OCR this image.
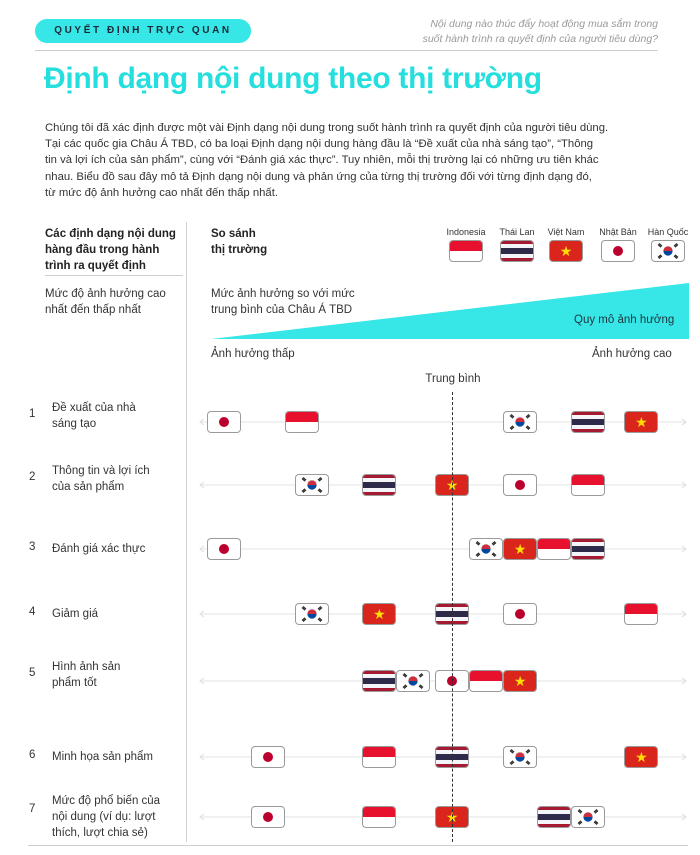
QUYẾT ĐỊNH TRỰC QUAN
Nội dung nào thúc đẩy hoạt động mua sắm trong
suốt hành trình ra quyết định của người tiêu dùng?
Định dạng nội dung theo thị trường
Chúng tôi đã xác định được một vài Định dạng nội dung trong suốt hành trình ra quyết định của người tiêu dùng.
Tại các quốc gia Châu Á TBD, có ba loại Định dạng nội dung hàng đầu là “Đề xuất của nhà sáng tạo”, “Thông
tin và lợi ích của sản phẩm”, cùng với “Đánh giá xác thực”. Tuy nhiên, mỗi thị trường lại có những ưu tiên khác
nhau. Biểu đồ sau đây mô tả Định dạng nội dung và phản ứng của từng thị trường đối với từng định dạng đó,
từ mức độ ảnh hưởng cao nhất đến thấp nhất.
Các định dạng nội dung
hàng đầu trong hành
trình ra quyết định
Mức độ ảnh hưởng cao
nhất đến thấp nhất
So sánh
thị trường
Indonesia	Thái Lan	Việt Nam
★
Nhật Bản	Hàn Quốc
Mức ảnh hưởng so với mức
trung bình của Châu Á TBD
Quy mô ảnh hưởng
Ảnh hưởng thấp	Ảnh hưởng cao
Trung bình
1 Đề xuất của nhà
sáng tạo	★
2 Thông tin và lợi ích
của sản phẩm	★
3 Đánh giá xác thực	★
4 Giảm giá	★
5 Hình ảnh sản
phẩm tốt	★
6 Minh họa sản phẩm	★
7
Mức độ phổ biến của
nội dung (ví dụ: lượt
thích, lượt chia sẻ)
★
